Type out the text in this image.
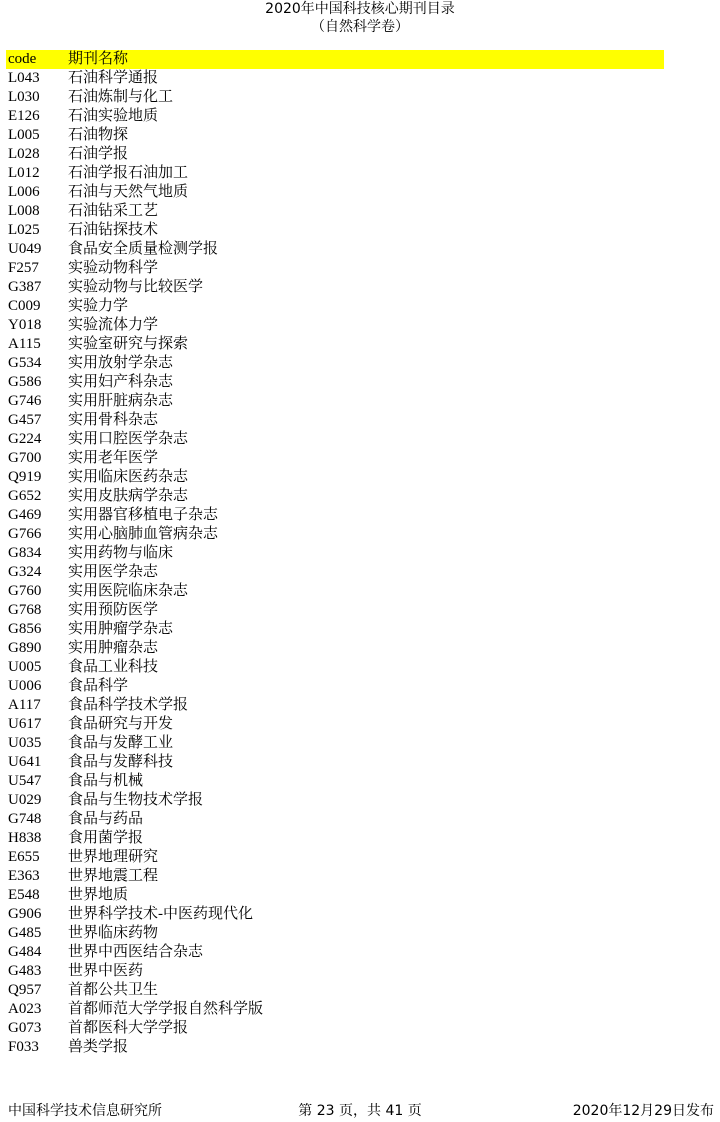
2020年中国科技核心期刊目录
（自然科学卷）
code 期刊名称
L043 石油科学通报
L030 石油炼制与化工
E126 石油实验地质
L005 石油物探
L028 石油学报
L012 石油学报石油加工
L006 石油与天然气地质
L008 石油钻采工艺
L025 石油钻探技术
U049 食品安全质量检测学报
F257 实验动物科学
G387 实验动物与比较医学
C009 实验力学
Y018 实验流体力学
A115 实验室研究与探索
G534 实用放射学杂志
G586 实用妇产科杂志
G746 实用肝脏病杂志
G457 实用骨科杂志
G224 实用口腔医学杂志
G700 实用老年医学
Q919 实用临床医药杂志
G652 实用皮肤病学杂志
G469 实用器官移植电子杂志
G766 实用心脑肺血管病杂志
G834 实用药物与临床
G324 实用医学杂志
G760 实用医院临床杂志
G768 实用预防医学
G856 实用肿瘤学杂志
G890 实用肿瘤杂志
U005 食品工业科技
U006 食品科学
A117 食品科学技术学报
U617 食品研究与开发
U035 食品与发酵工业
U641 食品与发酵科技
U547 食品与机械
U029 食品与生物技术学报
G748 食品与药品
H838 食用菌学报
E655 世界地理研究
E363 世界地震工程
E548 世界地质
G906 世界科学技术-中医药现代化
G485 世界临床药物
G484 世界中西医结合杂志
G483 世界中医药
Q957 首都公共卫生
A023 首都师范大学学报自然科学版
G073 首都医科大学学报
F033 兽类学报
中国科学技术信息研究所	第 23 页，共 41 页	2020年12月29日发布
